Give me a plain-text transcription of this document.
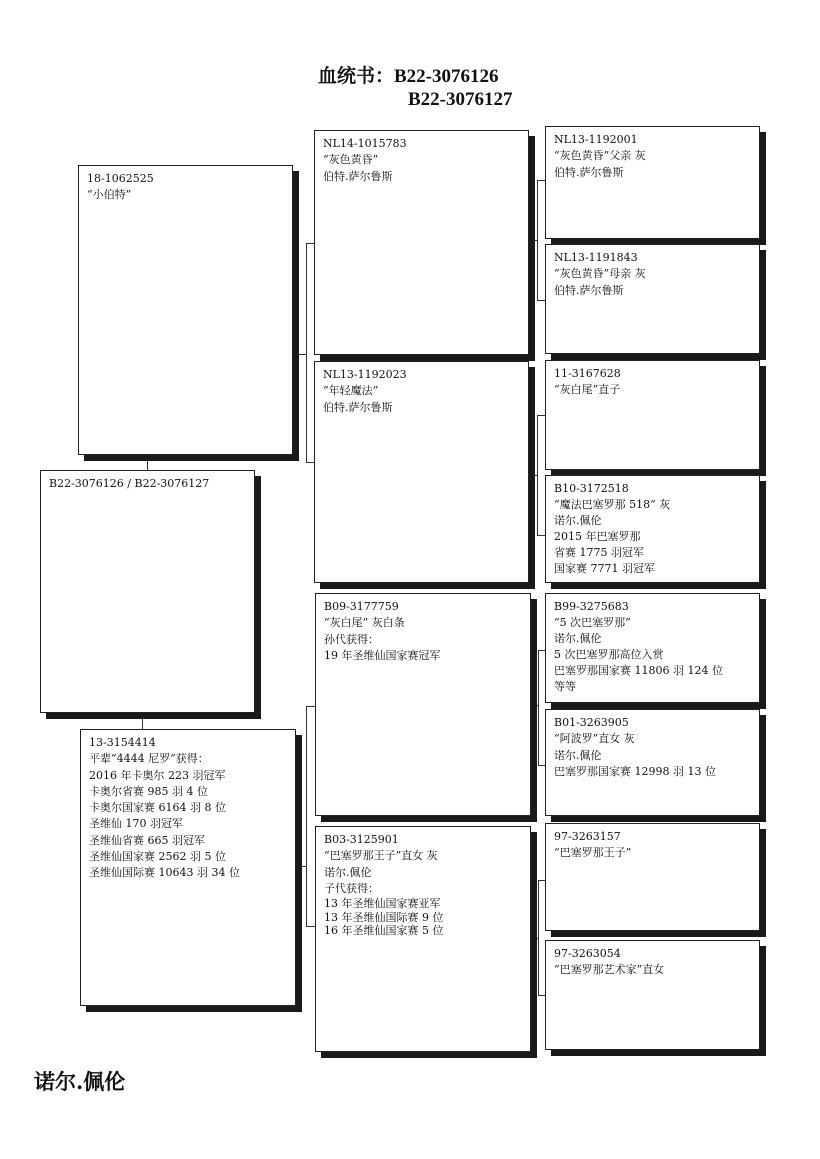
血统书：B22-3076126
B22-3076127
18-1062525
“小伯特”
B22-3076126 / B22-3076127
13-3154414
平辈“4444 尼罗”获得：
2016 年卡奥尔 223 羽冠军
卡奥尔省赛 985 羽 4 位
卡奥尔国家赛 6164 羽 8 位
圣维仙 170 羽冠军
圣维仙省赛 665 羽冠军
圣维仙国家赛 2562 羽 5 位
圣维仙国际赛 10643 羽 34 位
NL14-1015783
“灰色黄昏”
伯特.萨尔鲁斯
NL13-1192023
“年轻魔法”
伯特.萨尔鲁斯
B09-3177759
“灰白尾” 灰白条
孙代获得：
19 年圣维仙国家赛冠军
B03-3125901
“巴塞罗那王子”直女 灰
诺尔.佩伦
子代获得：
13 年圣维仙国家赛亚军
13 年圣维仙国际赛 9 位
16 年圣维仙国家赛 5 位
NL13-1192001
“灰色黄昏”父亲 灰
伯特.萨尔鲁斯
NL13-1191843
“灰色黄昏”母亲 灰
伯特.萨尔鲁斯
11-3167628
“灰白尾”直子
B10-3172518
“魔法巴塞罗那 518” 灰
诺尔.佩伦
2015 年巴塞罗那
省赛 1775 羽冠军
国家赛 7771 羽冠军
B99-3275683
“5 次巴塞罗那”
诺尔.佩伦
5 次巴塞罗那高位入赏
巴塞罗那国家赛 11806 羽 124 位
等等
B01-3263905
“阿波罗”直女 灰
诺尔.佩伦
巴塞罗那国家赛 12998 羽 13 位
97-3263157
“巴塞罗那王子”
97-3263054
“巴塞罗那艺术家”直女
诺尔.佩伦
